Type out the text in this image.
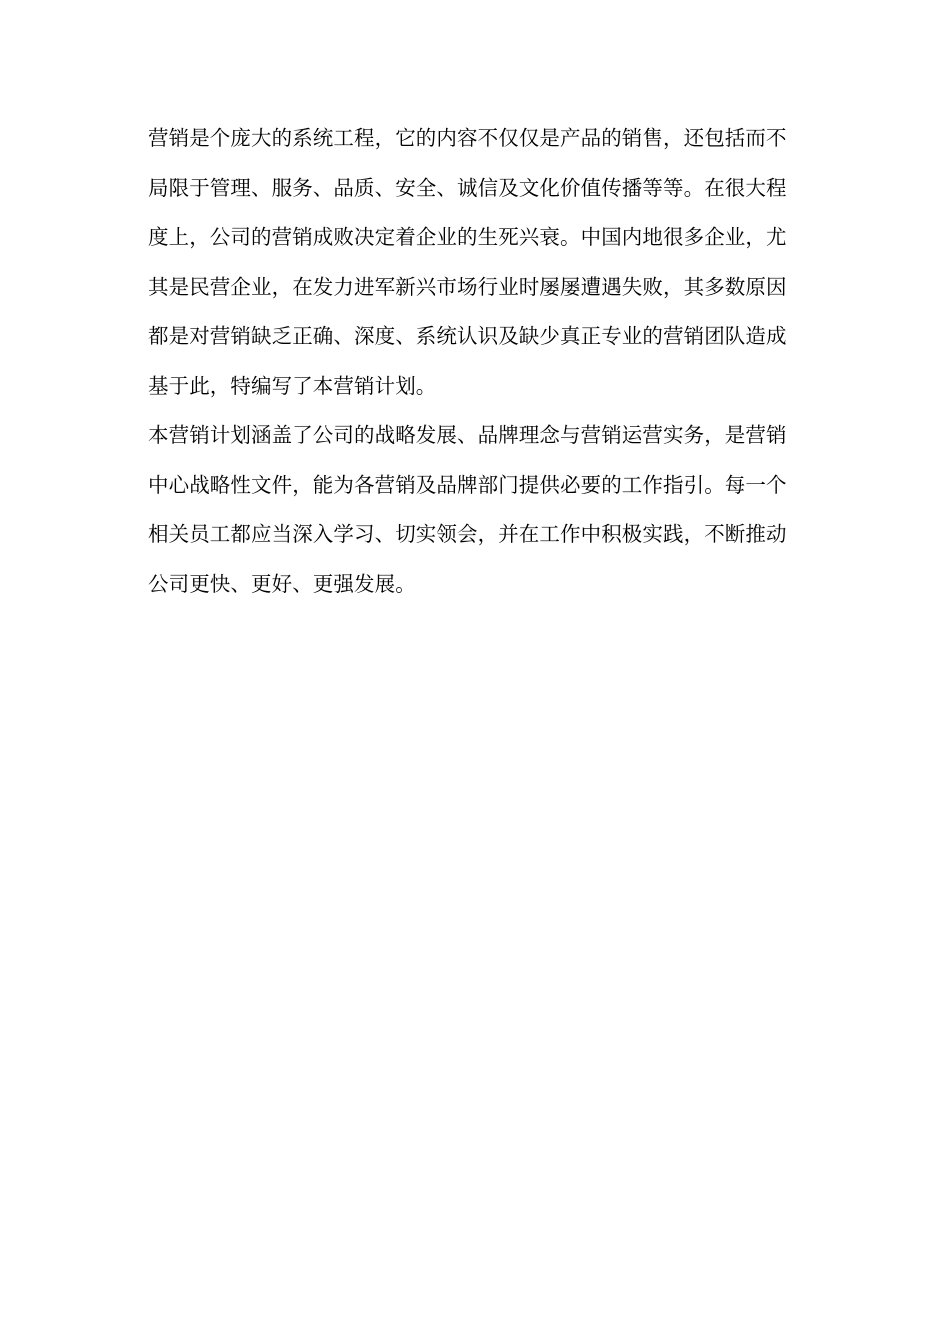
营销是个庞大的系统工程，它的内容不仅仅是产品的销售，还包括而不
局限于管理、服务、品质、安全、诚信及文化价值传播等等。在很大程
度上，公司的营销成败决定着企业的生死兴衰。中国内地很多企业，尤
其是民营企业，在发力进军新兴市场行业时屡屡遭遇失败，其多数原因
都是对营销缺乏正确、深度、系统认识及缺少真正专业的营销团队造成
基于此，特编写了本营销计划。
本营销计划涵盖了公司的战略发展、品牌理念与营销运营实务，是营销
中心战略性文件，能为各营销及品牌部门提供必要的工作指引。每一个
相关员工都应当深入学习、切实领会，并在工作中积极实践，不断推动
公司更快、更好、更强发展。
